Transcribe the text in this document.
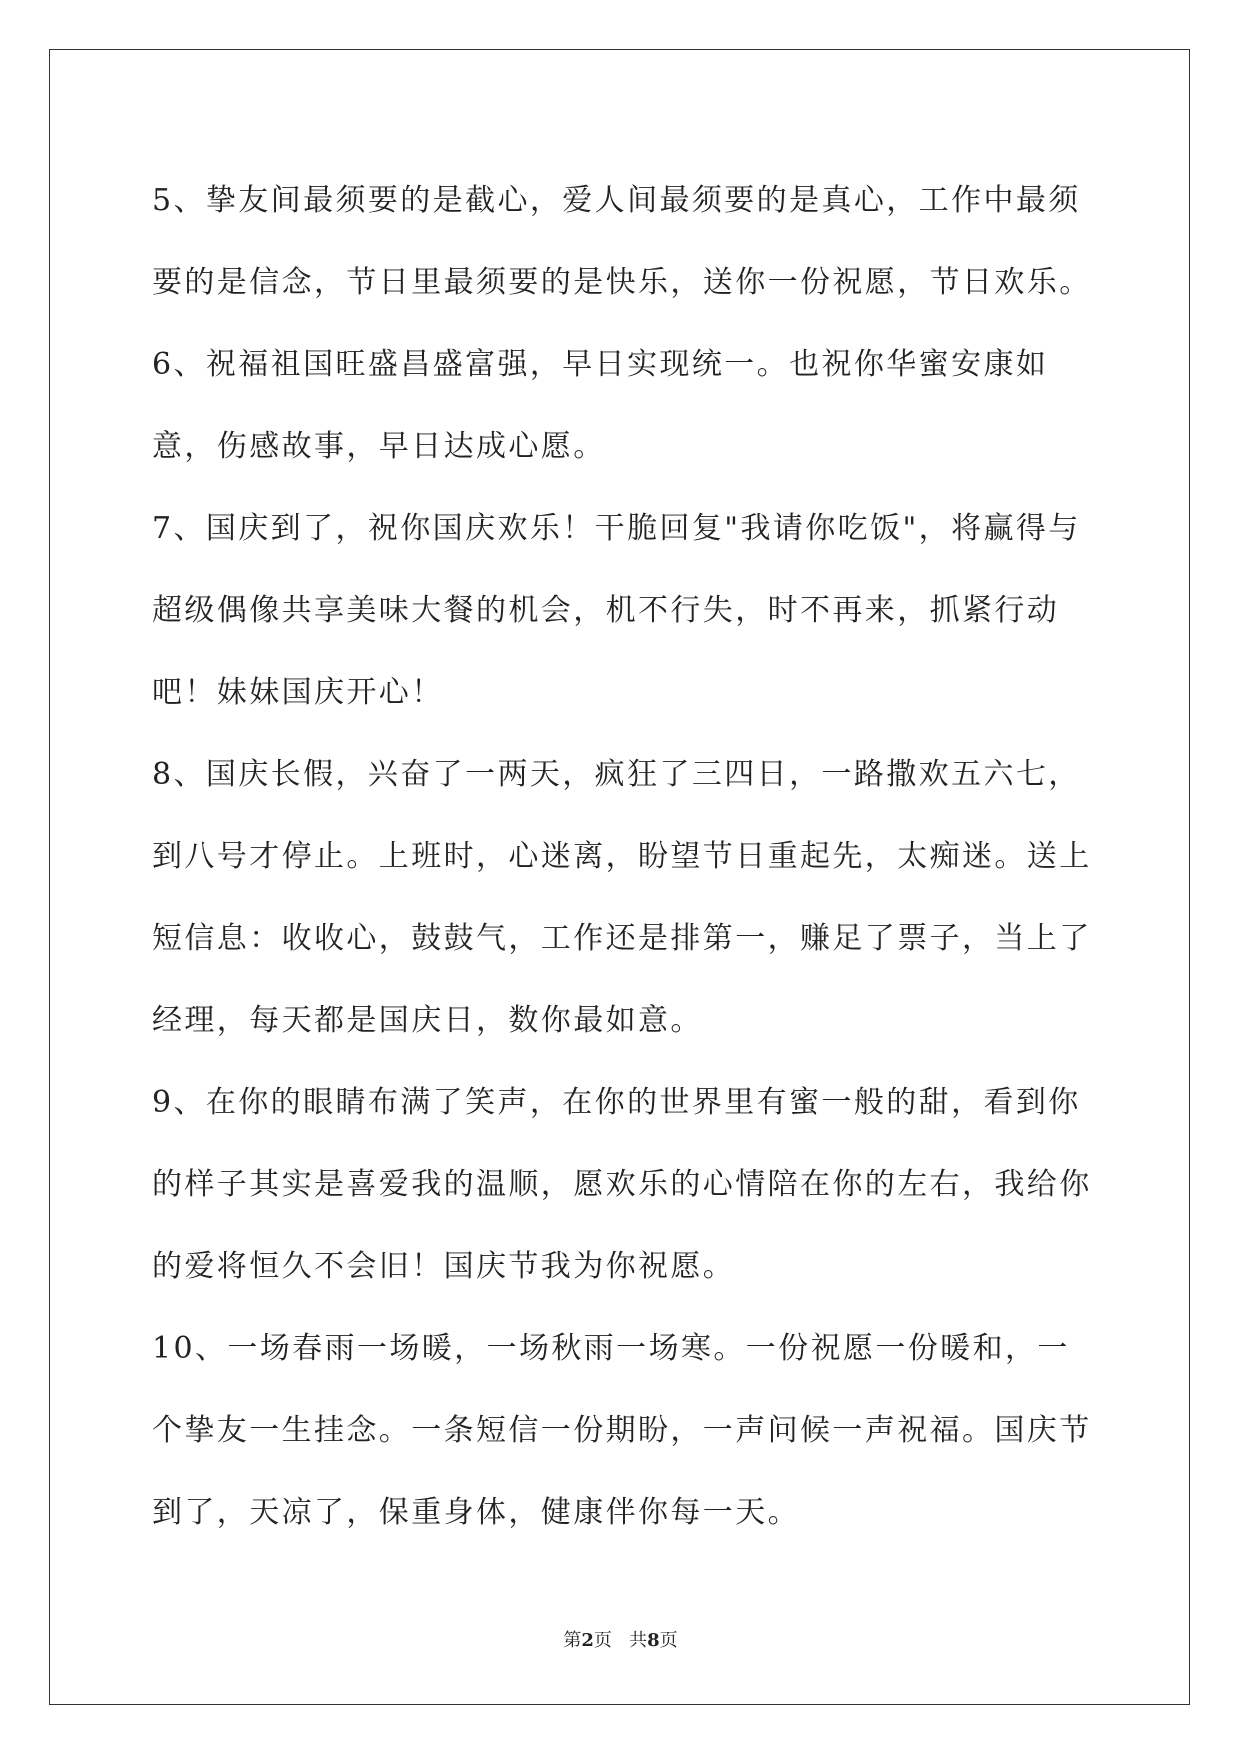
5、挚友间最须要的是截心，爱人间最须要的是真心，工作中最须要的是信念，节日里最须要的是快乐，送你一份祝愿，节日欢乐。

6、祝福祖国旺盛昌盛富强，早日实现统一。也祝你华蜜安康如意，伤感故事，早日达成心愿。

7、国庆到了，祝你国庆欢乐！干脆回复"我请你吃饭"，将赢得与超级偶像共享美味大餐的机会，机不行失，时不再来，抓紧行动吧！妹妹国庆开心！

8、国庆长假，兴奋了一两天，疯狂了三四日，一路撒欢五六七，到八号才停止。上班时，心迷离，盼望节日重起先，太痴迷。送上短信息：收收心，鼓鼓气，工作还是排第一，赚足了票子，当上了经理，每天都是国庆日，数你最如意。

9、在你的眼睛布满了笑声，在你的世界里有蜜一般的甜，看到你的样子其实是喜爱我的温顺，愿欢乐的心情陪在你的左右，我给你的爱将恒久不会旧！国庆节我为你祝愿。

10、一场春雨一场暖，一场秋雨一场寒。一份祝愿一份暖和，一个挚友一生挂念。一条短信一份期盼，一声问候一声祝福。国庆节到了，天凉了，保重身体，健康伴你每一天。

第2页 共8页
